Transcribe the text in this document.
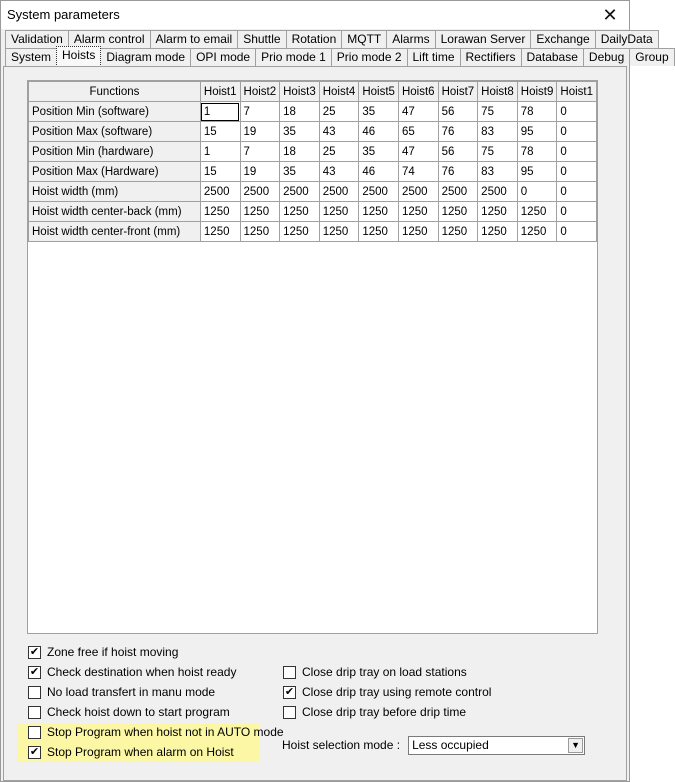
System parameters	✕
Validation Alarm control Alarm to email Shuttle Rotation MQTT Alarms Lorawan Server Exchange DailyData
System Hoists Diagram mode OPI mode Prio mode 1 Prio mode 2 Lift time Rectifiers Database Debug Group
Functions	Hoist1	Hoist2	Hoist3	Hoist4	Hoist5	Hoist6	Hoist7	Hoist8	Hoist9	Hoist1
Position Min (software)	1	7	18	25	35	47	56	75	78	0
Position Max (software)	15	19	35	43	46	65	76	83	95	0
Position Min (hardware)	1	7	18	25	35	47	56	75	78	0
Position Max (Hardware)	15	19	35	43	46	74	76	83	95	0
Hoist width (mm)	2500	2500	2500	2500	2500	2500	2500	2500	0	0
Hoist width center-back (mm)	1250	1250	1250	1250	1250	1250	1250	1250	1250	0
Hoist width center-front (mm)	1250	1250	1250	1250	1250	1250	1250	1250	1250	0
✔ Zone free if hoist moving
✔ Check destination when hoist ready
No load transfert in manu mode
Check hoist down to start program
Stop Program when hoist not in AUTO mode
✔ Stop Program when alarm on Hoist
Close drip tray on load stations
✔ Close drip tray using remote control
Close drip tray before drip time
Hoist selection mode :	Less occupied	▼
